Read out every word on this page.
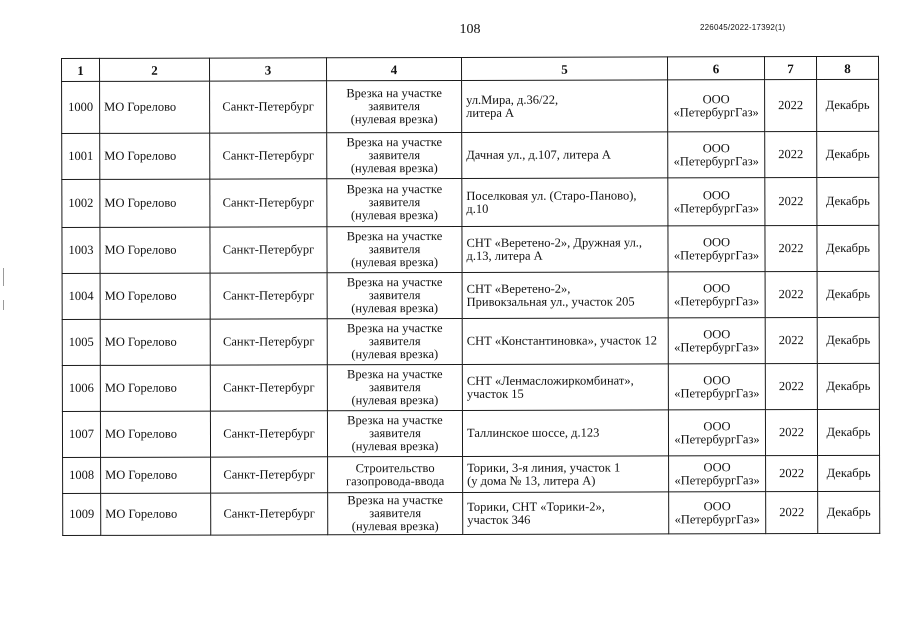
108	226045/2022-17392(1)
1	2	3	4	5	6	7	8
1000	МО Горелово	Санкт-Петербург	Врезка на участке
заявителя
(нулевая врезка)	ул.Мира, д.36/22,
литера А	ООО
«ПетербургГаз»	2022	Декабрь
1001	МО Горелово	Санкт-Петербург	Врезка на участке
заявителя
(нулевая врезка)	Дачная ул., д.107, литера А	ООО
«ПетербургГаз»	2022	Декабрь
1002	МО Горелово	Санкт-Петербург	Врезка на участке
заявителя
(нулевая врезка)	Поселковая ул. (Старо-Паново),
д.10	ООО
«ПетербургГаз»	2022	Декабрь
1003	МО Горелово	Санкт-Петербург	Врезка на участке
заявителя
(нулевая врезка)	СНТ «Веретено-2», Дружная ул.,
д.13, литера А	ООО
«ПетербургГаз»	2022	Декабрь
1004	МО Горелово	Санкт-Петербург	Врезка на участке
заявителя
(нулевая врезка)	СНТ «Веретено-2»,
Привокзальная ул., участок 205	ООО
«ПетербургГаз»	2022	Декабрь
1005	МО Горелово	Санкт-Петербург	Врезка на участке
заявителя
(нулевая врезка)	СНТ «Константиновка», участок 12	ООО
«ПетербургГаз»	2022	Декабрь
1006	МО Горелово	Санкт-Петербург	Врезка на участке
заявителя
(нулевая врезка)	СНТ «Ленмасложиркомбинат»,
участок 15	ООО
«ПетербургГаз»	2022	Декабрь
1007	МО Горелово	Санкт-Петербург	Врезка на участке
заявителя
(нулевая врезка)	Таллинское шоссе, д.123	ООО
«ПетербургГаз»	2022	Декабрь
1008	МО Горелово	Санкт-Петербург	Строительство
газопровода-ввода	Торики, 3-я линия, участок 1
(у дома № 13, литера А)	ООО
«ПетербургГаз»	2022	Декабрь
1009	МО Горелово	Санкт-Петербург	Врезка на участке
заявителя
(нулевая врезка)	Торики, СНТ «Торики-2»,
участок 346	ООО
«ПетербургГаз»	2022	Декабрь
